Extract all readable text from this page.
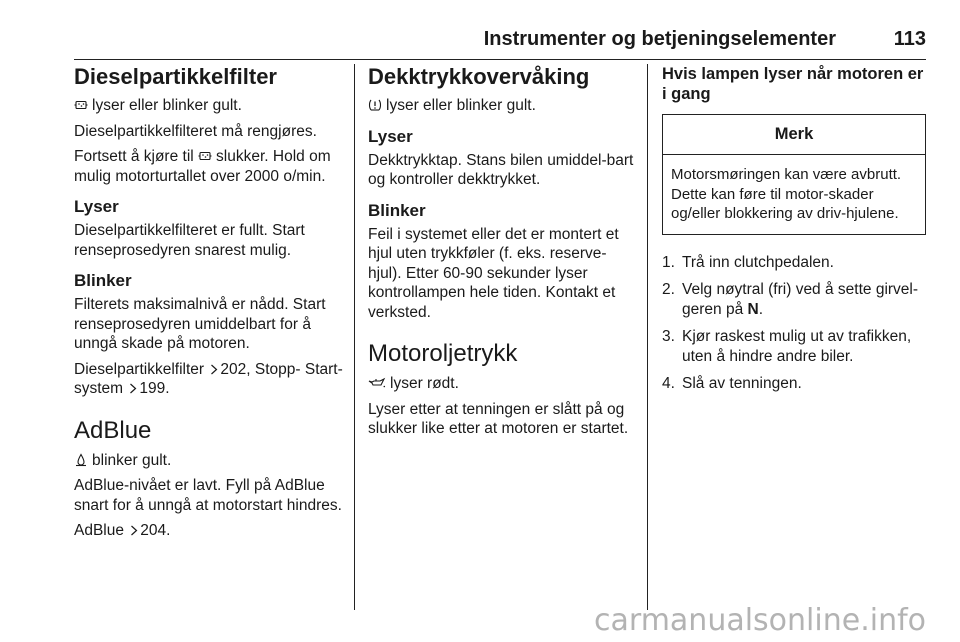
Instrumenter og betjeningselementer	113
Dieselpartikkelfilter

lyser eller blinker gult.

Dieselpartikkelfilteret må rengjøres.

Fortsett å kjøre til slukker. Hold om mulig motorturtallet over 2000 o/min.

Lyser

Dieselpartikkelfilteret er fullt. Start renseprosedyren snarest mulig.

Blinker

Filterets maksimalnivå er nådd. Start renseprosedyren umiddelbart for å unngå skade på motoren.

Dieselpartikkelfilter 202, Stopp- Start-system 199.

AdBlue

blinker gult.

AdBlue-nivået er lavt. Fyll på AdBlue snart for å unngå at motorstart hindres.

AdBlue 204.

Dekktrykkovervåking

lyser eller blinker gult.

Lyser

Dekktrykktap. Stans bilen umiddel-bart og kontroller dekktrykket.

Blinker

Feil i systemet eller det er montert et hjul uten trykkføler (f. eks. reserve-hjul). Etter 60-90 sekunder lyser kontrollampen hele tiden. Kontakt et verksted.

Motoroljetrykk

lyser rødt.

Lyser etter at tenningen er slått på og slukker like etter at motoren er startet.

Hvis lampen lyser når motoren er i gang
Merk
Motorsmøringen kan være avbrutt. Dette kan føre til motor-skader og/eller blokkering av driv-hjulene.
1. Trå inn clutchpedalen.
2. Velg nøytral (fri) ved å sette girvel-geren på N.
3. Kjør raskest mulig ut av trafikken, uten å hindre andre biler.
4. Slå av tenningen.
carmanualsonline.info
